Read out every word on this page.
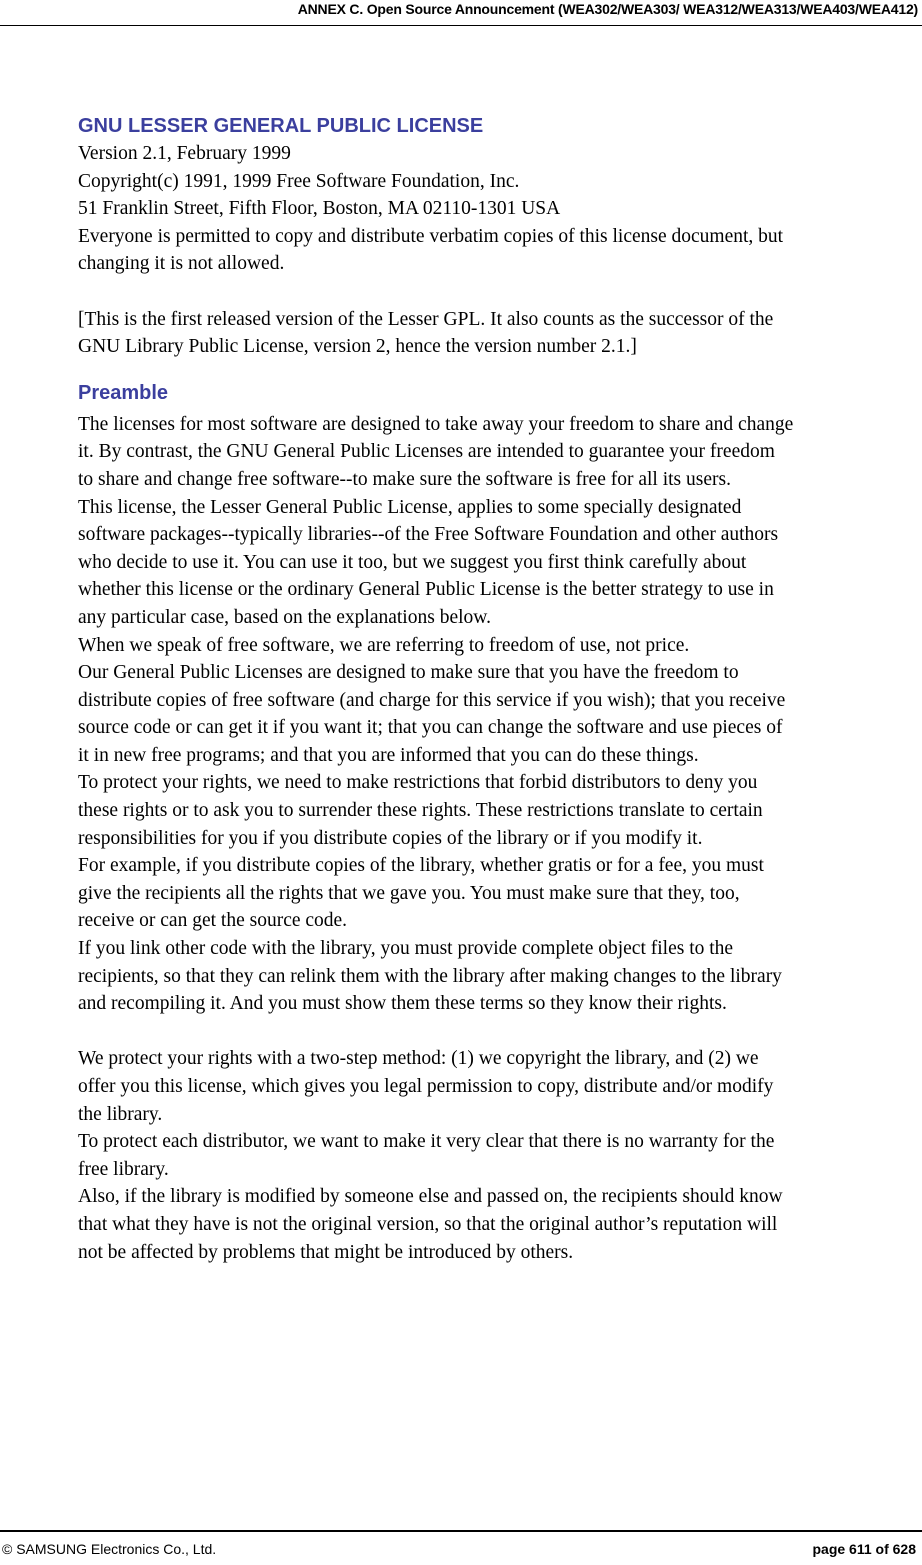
ANNEX C. Open Source Announcement (WEA302/WEA303/ WEA312/WEA313/WEA403/WEA412)
GNU LESSER GENERAL PUBLIC LICENSE
Version 2.1, February 1999
Copyright(c) 1991, 1999 Free Software Foundation, Inc.
51 Franklin Street, Fifth Floor, Boston, MA 02110-1301 USA
Everyone is permitted to copy and distribute verbatim copies of this license document, but
changing it is not allowed.
[This is the first released version of the Lesser GPL. It also counts as the successor of the
GNU Library Public License, version 2, hence the version number 2.1.]
Preamble
The licenses for most software are designed to take away your freedom to share and change
it. By contrast, the GNU General Public Licenses are intended to guarantee your freedom
to share and change free software--to make sure the software is free for all its users.
This license, the Lesser General Public License, applies to some specially designated
software packages--typically libraries--of the Free Software Foundation and other authors
who decide to use it. You can use it too, but we suggest you first think carefully about
whether this license or the ordinary General Public License is the better strategy to use in
any particular case, based on the explanations below.
When we speak of free software, we are referring to freedom of use, not price.
Our General Public Licenses are designed to make sure that you have the freedom to
distribute copies of free software (and charge for this service if you wish); that you receive
source code or can get it if you want it; that you can change the software and use pieces of
it in new free programs; and that you are informed that you can do these things.
To protect your rights, we need to make restrictions that forbid distributors to deny you
these rights or to ask you to surrender these rights. These restrictions translate to certain
responsibilities for you if you distribute copies of the library or if you modify it.
For example, if you distribute copies of the library, whether gratis or for a fee, you must
give the recipients all the rights that we gave you. You must make sure that they, too,
receive or can get the source code.
If you link other code with the library, you must provide complete object files to the
recipients, so that they can relink them with the library after making changes to the library
and recompiling it. And you must show them these terms so they know their rights.
We protect your rights with a two-step method: (1) we copyright the library, and (2) we
offer you this license, which gives you legal permission to copy, distribute and/or modify
the library.
To protect each distributor, we want to make it very clear that there is no warranty for the
free library.
Also, if the library is modified by someone else and passed on, the recipients should know
that what they have is not the original version, so that the original author’s reputation will
not be affected by problems that might be introduced by others.
© SAMSUNG Electronics Co., Ltd.	page 611 of 628
